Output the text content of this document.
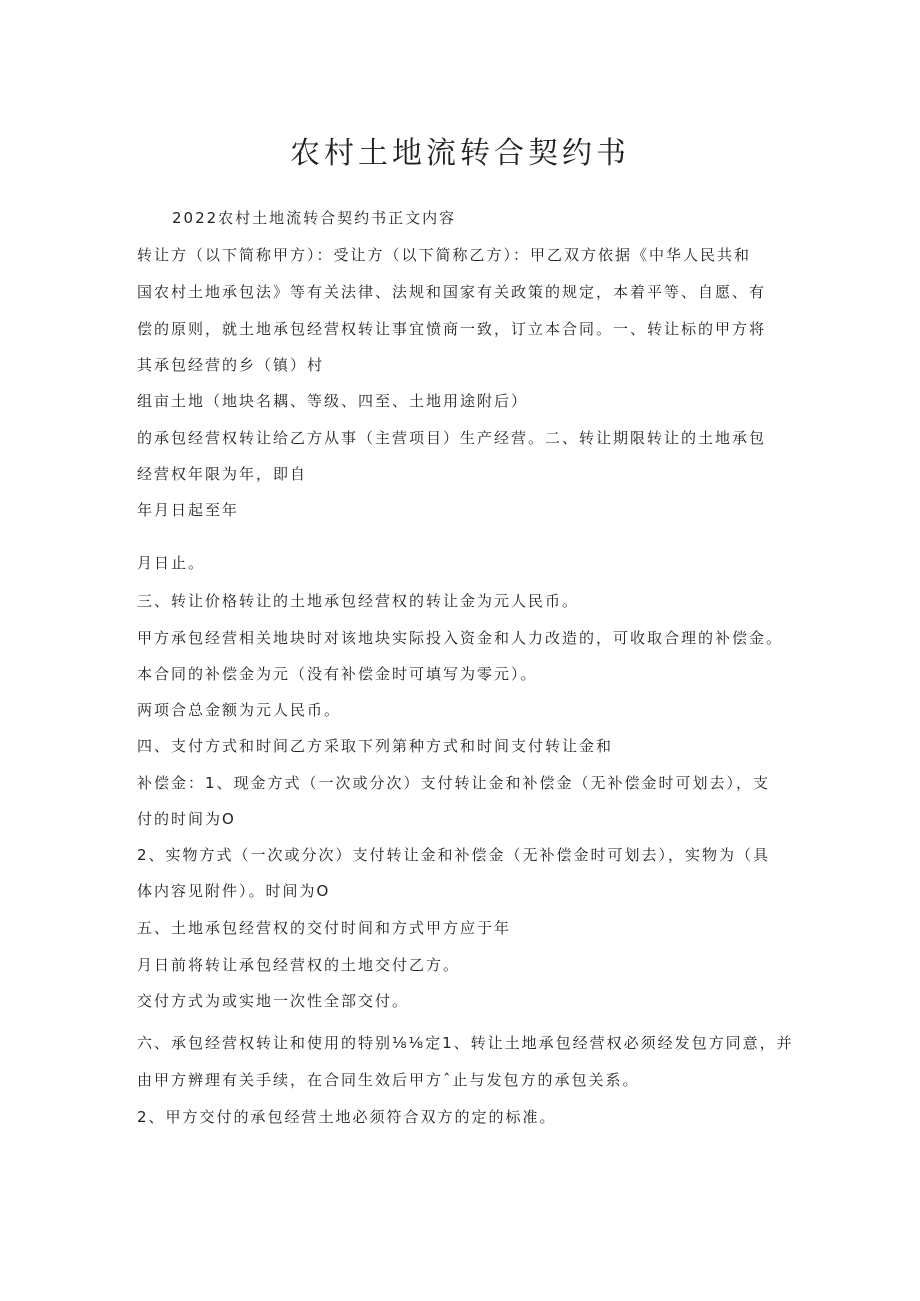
农村土地流转合契约书
2022农村土地流转合契约书正文内容
转让方（以下简称甲方）：受让方（以下简称乙方）：甲乙双方依据《中华人民共和
国农村土地承包法》等有关法律、法规和国家有关政策的规定，本着平等、自愿、有
偿的原则，就土地承包经营权转让事宜愤商一致，订立本合同。一、转让标的甲方将
其承包经营的乡（镇）村
组亩土地（地块名耦、等级、四至、土地用途附后）
的承包经营权转让给乙方从事（主营项目）生产经营。二、转让期限转让的土地承包
经营权年限为年，即自
年月日起至年
月日止。
三、转让价格转让的土地承包经营权的转让金为元人民币。
甲方承包经营相关地块时对该地块实际投入资金和人力改造的，可收取合理的补偿金。
本合同的补偿金为元（没有补偿金时可填写为零元）。
两项合总金额为元人民币。
四、支付方式和时间乙方采取下列第种方式和时间支付转让金和
补偿金：1、现金方式（一次或分次）支付转让金和补偿金（无补偿金时可划去），支
付的时间为O
2、实物方式（一次或分次）支付转让金和补偿金（无补偿金时可划去），实物为（具
体内容见附件）。时间为O
五、土地承包经营权的交付时间和方式甲方应于年
月日前将转让承包经营权的土地交付乙方。
交付方式为或实地一次性全部交付。
六、承包经营权转让和使用的特别⅛⅛定1、转让土地承包经营权必须经发包方同意，并
由甲方辨理有关手续，在合同生效后甲方ˆ止与发包方的承包关系。
2、甲方交付的承包经营土地必须符合双方的定的标准。
